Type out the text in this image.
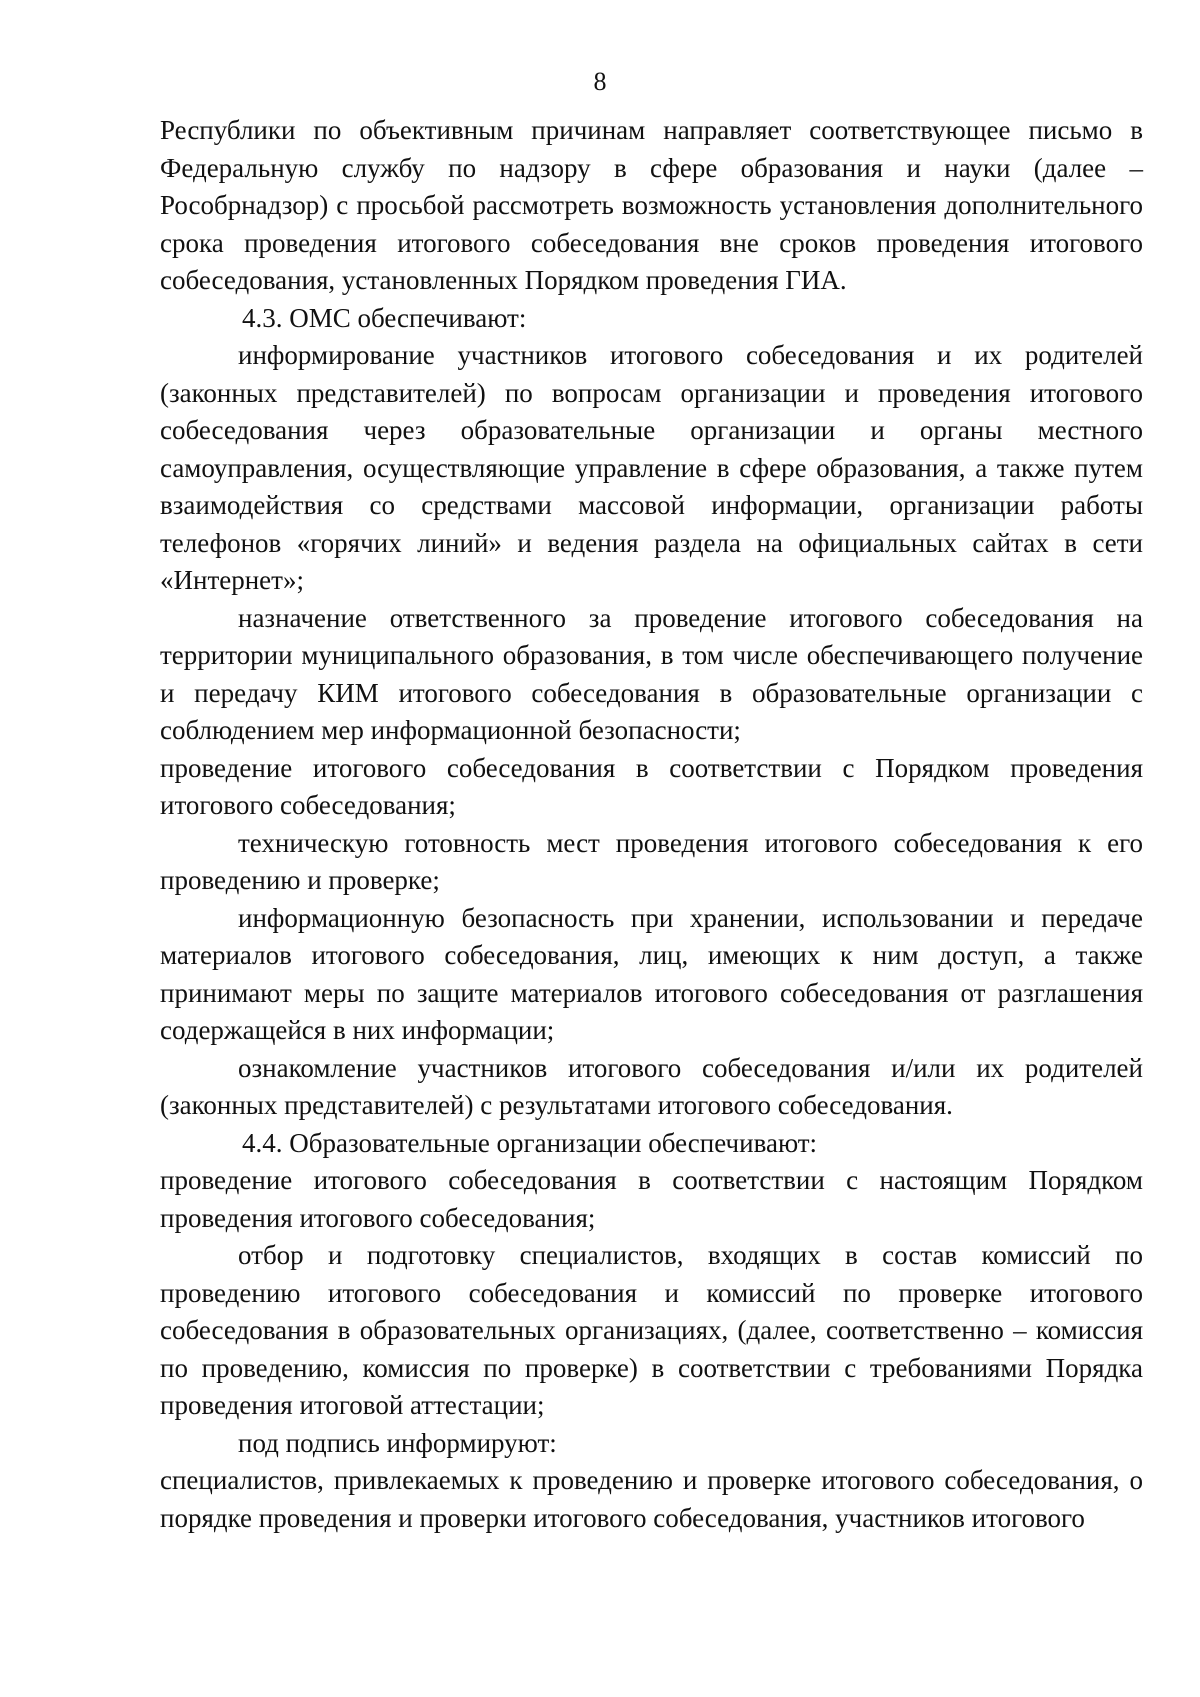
8

Республики по объективным причинам направляет соответствующее письмо в Федеральную службу по надзору в сфере образования и науки (далее – Рособрнадзор) с просьбой рассмотреть возможность установления дополнительного срока проведения итогового собеседования вне сроков проведения итогового собеседования, установленных Порядком проведения ГИА.

4.3. ОМС обеспечивают:

информирование участников итогового собеседования и их родителей (законных представителей) по вопросам организации и проведения итогового собеседования через образовательные организации и органы местного самоуправления, осуществляющие управление в сфере образования, а также путем взаимодействия со средствами массовой информации, организации работы телефонов «горячих линий» и ведения раздела на официальных сайтах в сети «Интернет»;

назначение ответственного за проведение итогового собеседования на территории муниципального образования, в том числе обеспечивающего получение и передачу КИМ итогового собеседования в образовательные организации с соблюдением мер информационной безопасности;

проведение итогового собеседования в соответствии с Порядком проведения итогового собеседования;

техническую готовность мест проведения итогового собеседования к его проведению и проверке;

информационную безопасность при хранении, использовании и передаче материалов итогового собеседования, лиц, имеющих к ним доступ, а также принимают меры по защите материалов итогового собеседования от разглашения содержащейся в них информации;

ознакомление участников итогового собеседования и/или их родителей (законных представителей) с результатами итогового собеседования.

4.4. Образовательные организации обеспечивают:

проведение итогового собеседования в соответствии с настоящим Порядком проведения итогового собеседования;

отбор и подготовку специалистов, входящих в состав комиссий по проведению итогового собеседования и комиссий по проверке итогового собеседования в образовательных организациях, (далее, соответственно – комиссия по проведению, комиссия по проверке) в соответствии с требованиями Порядка проведения итоговой аттестации;

под подпись информируют:

специалистов, привлекаемых к проведению и проверке итогового собеседования, о порядке проведения и проверки итогового собеседования, участников итогового
